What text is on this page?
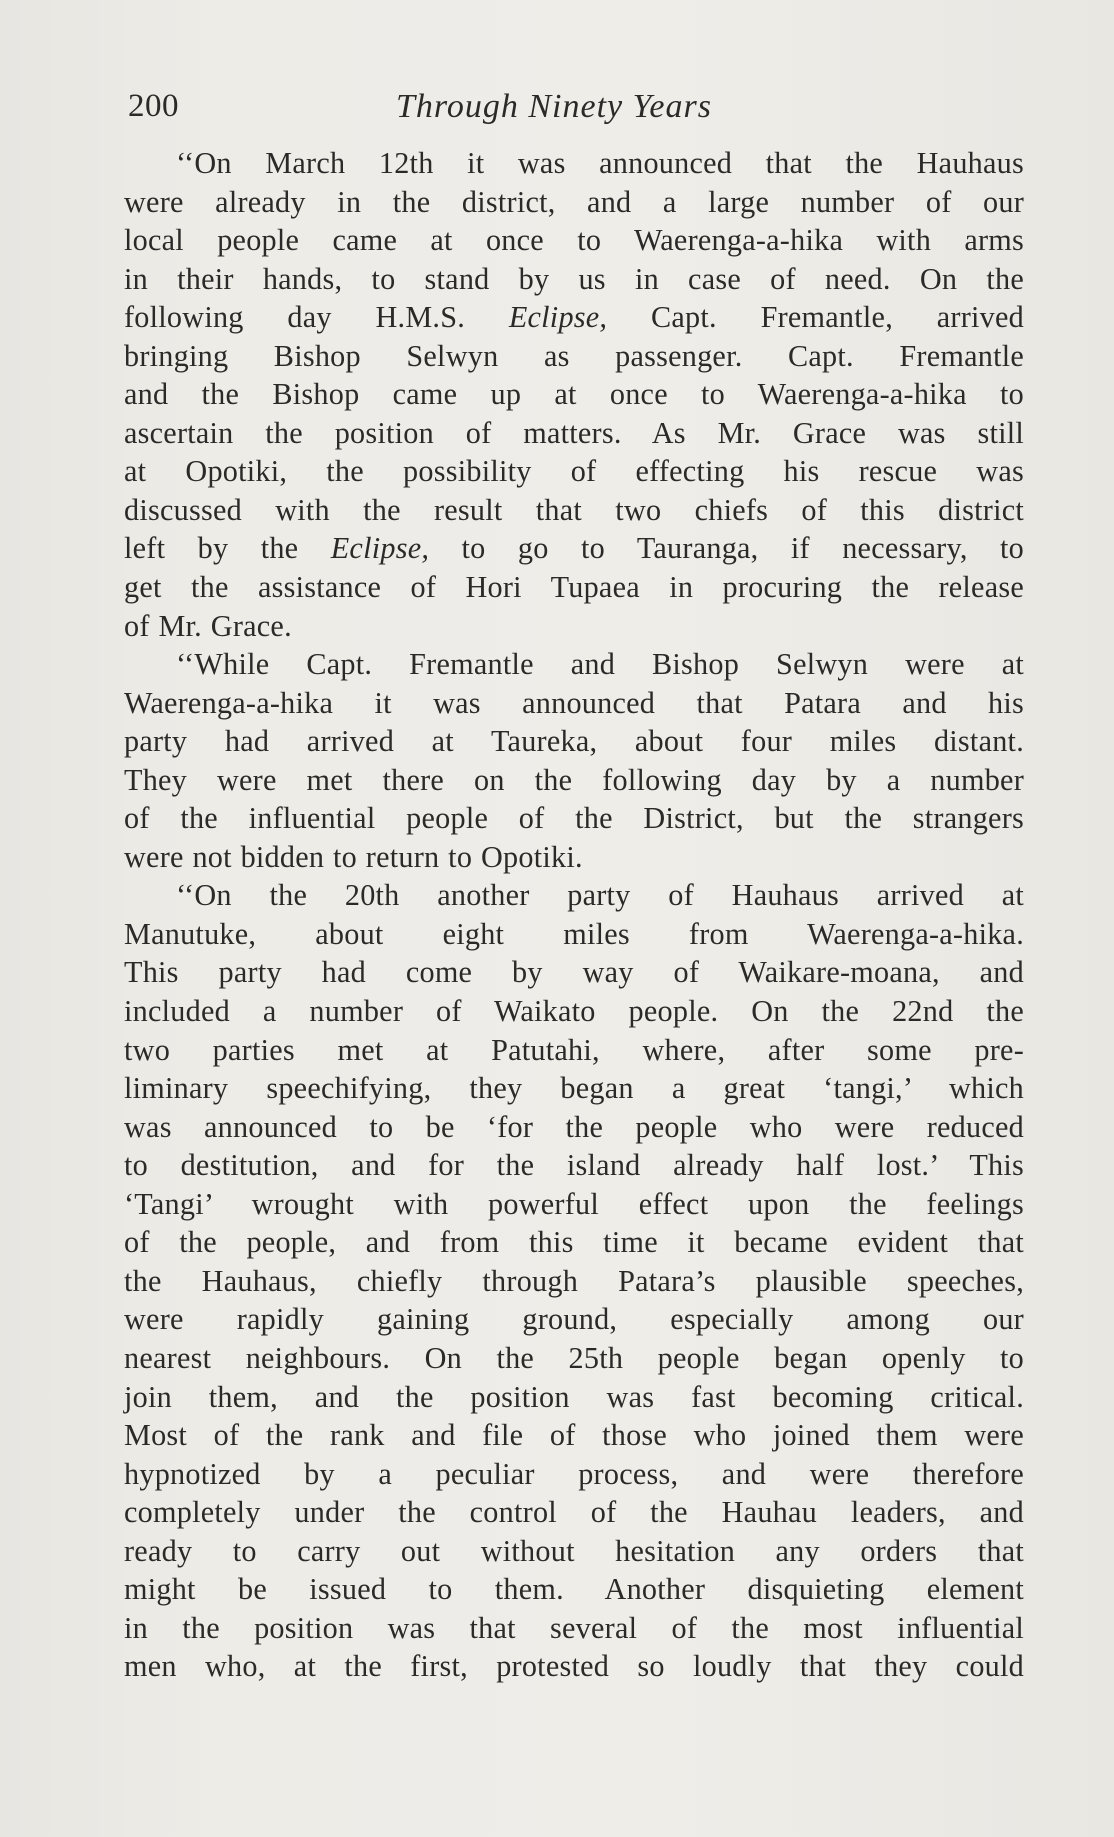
200	Through Ninety Years
‘‘On March 12th it was announced that the Hauhaus
were already in the district, and a large number of our
local people came at once to Waerenga-a-hika with arms
in their hands, to stand by us in case of need. On the
following day H.M.S. Eclipse, Capt. Fremantle, arrived
bringing Bishop Selwyn as passenger. Capt. Fremantle
and the Bishop came up at once to Waerenga-a-hika to
ascertain the position of matters. As Mr. Grace was still
at Opotiki, the possibility of effecting his rescue was
discussed with the result that two chiefs of this district
left by the Eclipse, to go to Tauranga, if necessary, to
get the assistance of Hori Tupaea in procuring the release
of Mr. Grace.
‘‘While Capt. Fremantle and Bishop Selwyn were at
Waerenga-a-hika it was announced that Patara and his
party had arrived at Taureka, about four miles distant.
They were met there on the following day by a number
of the influential people of the District, but the strangers
were not bidden to return to Opotiki.
‘‘On the 20th another party of Hauhaus arrived at
Manutuke, about eight miles from Waerenga-a-hika.
This party had come by way of Waikare-moana, and
included a number of Waikato people. On the 22nd the
two parties met at Patutahi, where, after some pre-
liminary speechifying, they began a great ‘tangi,’ which
was announced to be ‘for the people who were reduced
to destitution, and for the island already half lost.’ This
‘Tangi’ wrought with powerful effect upon the feelings
of the people, and from this time it became evident that
the Hauhaus, chiefly through Patara’s plausible speeches,
were rapidly gaining ground, especially among our
nearest neighbours. On the 25th people began openly to
join them, and the position was fast becoming critical.
Most of the rank and file of those who joined them were
hypnotized by a peculiar process, and were therefore
completely under the control of the Hauhau leaders, and
ready to carry out without hesitation any orders that
might be issued to them. Another disquieting element
in the position was that several of the most influential
men who, at the first, protested so loudly that they could
